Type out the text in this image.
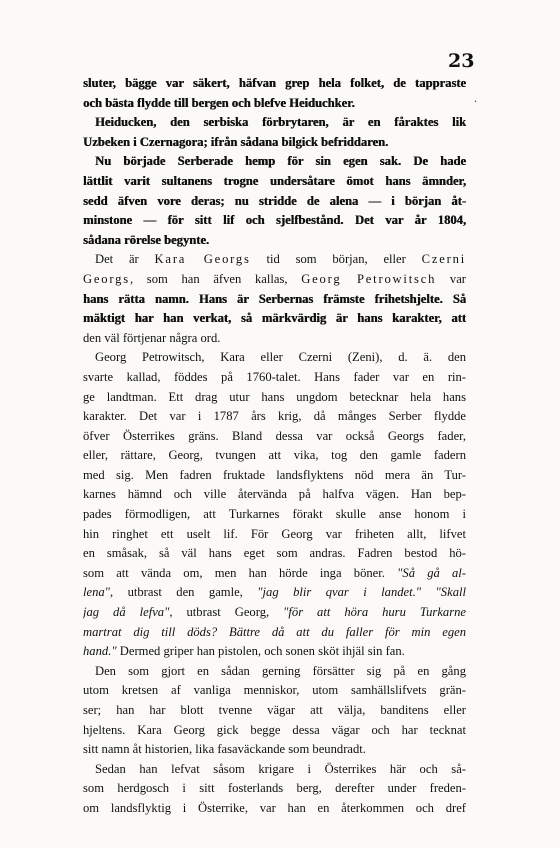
23
.
sluter, bägge var säkert, häfvan grep hela folket, de tappraste
och bästa flydde till bergen och blefve Heiduchker.
Heiducken, den serbiska förbrytaren, är en fåraktes lik
Uzbeken i Czernagora; ifrån sådana bilgick befriddaren.
Nu började Serberade hemp för sin egen sak. De hade
lättlit varit sultanens trogne undersåtare ömot hans ämnder,
sedd äfven vore deras; nu stridde de alena — i början åt-
minstone — för sitt lif och sjelfbestånd. Det var år 1804,
sådana rörelse begynte.
Det är Kara Georgs tid som början, eller Czerni
Georgs, som han äfven kallas, Georg Petrowitsch var
hans rätta namn. Hans är Serbernas främste frihetshjelte. Så
mäktigt har han verkat, så märkvärdig är hans karakter, att
den väl förtjenar några ord.
Georg Petrowitsch, Kara eller Czerni (Zeni), d. ä. den
svarte kallad, föddes på 1760-talet. Hans fader var en rin-
ge landtman. Ett drag utur hans ungdom betecknar hela hans
karakter. Det var i 1787 års krig, då månges Serber flydde
öfver Österrikes gräns. Bland dessa var också Georgs fader,
eller, rättare, Georg, tvungen att vika, tog den gamle fadern
med sig. Men fadren fruktade landsflyktens nöd mera än Tur-
karnes hämnd och ville återvända på halfva vägen. Han bep-
pades förmodligen, att Turkarnes förakt skulle anse honom i
hin ringhet ett uselt lif. För Georg var friheten allt, lifvet
en småsak, så väl hans eget som andras. Fadren bestod hö-
som att vända om, men han hörde inga böner. "Så gå al-
lena", utbrast den gamle, "jag blir qvar i landet." "Skall
jag då lefva", utbrast Georg, "för att höra huru Turkarne
martrat dig till döds? Bättre då att du faller för min egen
hand." Dermed griper han pistolen, och sonen sköt ihjäl sin fan.
Den som gjort en sådan gerning försätter sig på en gång
utom kretsen af vanliga menniskor, utom samhällslifvets grän-
ser; han har blott tvenne vägar att välja, banditens eller
hjeltens. Kara Georg gick begge dessa vägar och har tecknat
sitt namn åt historien, lika fasaväckande som beundradt.
Sedan han lefvat såsom krigare i Österrikes här och så-
som herdgosch i sitt fosterlands berg, derefter under freden-
om landsflyktig i Österrike, var han en återkommen och dref
